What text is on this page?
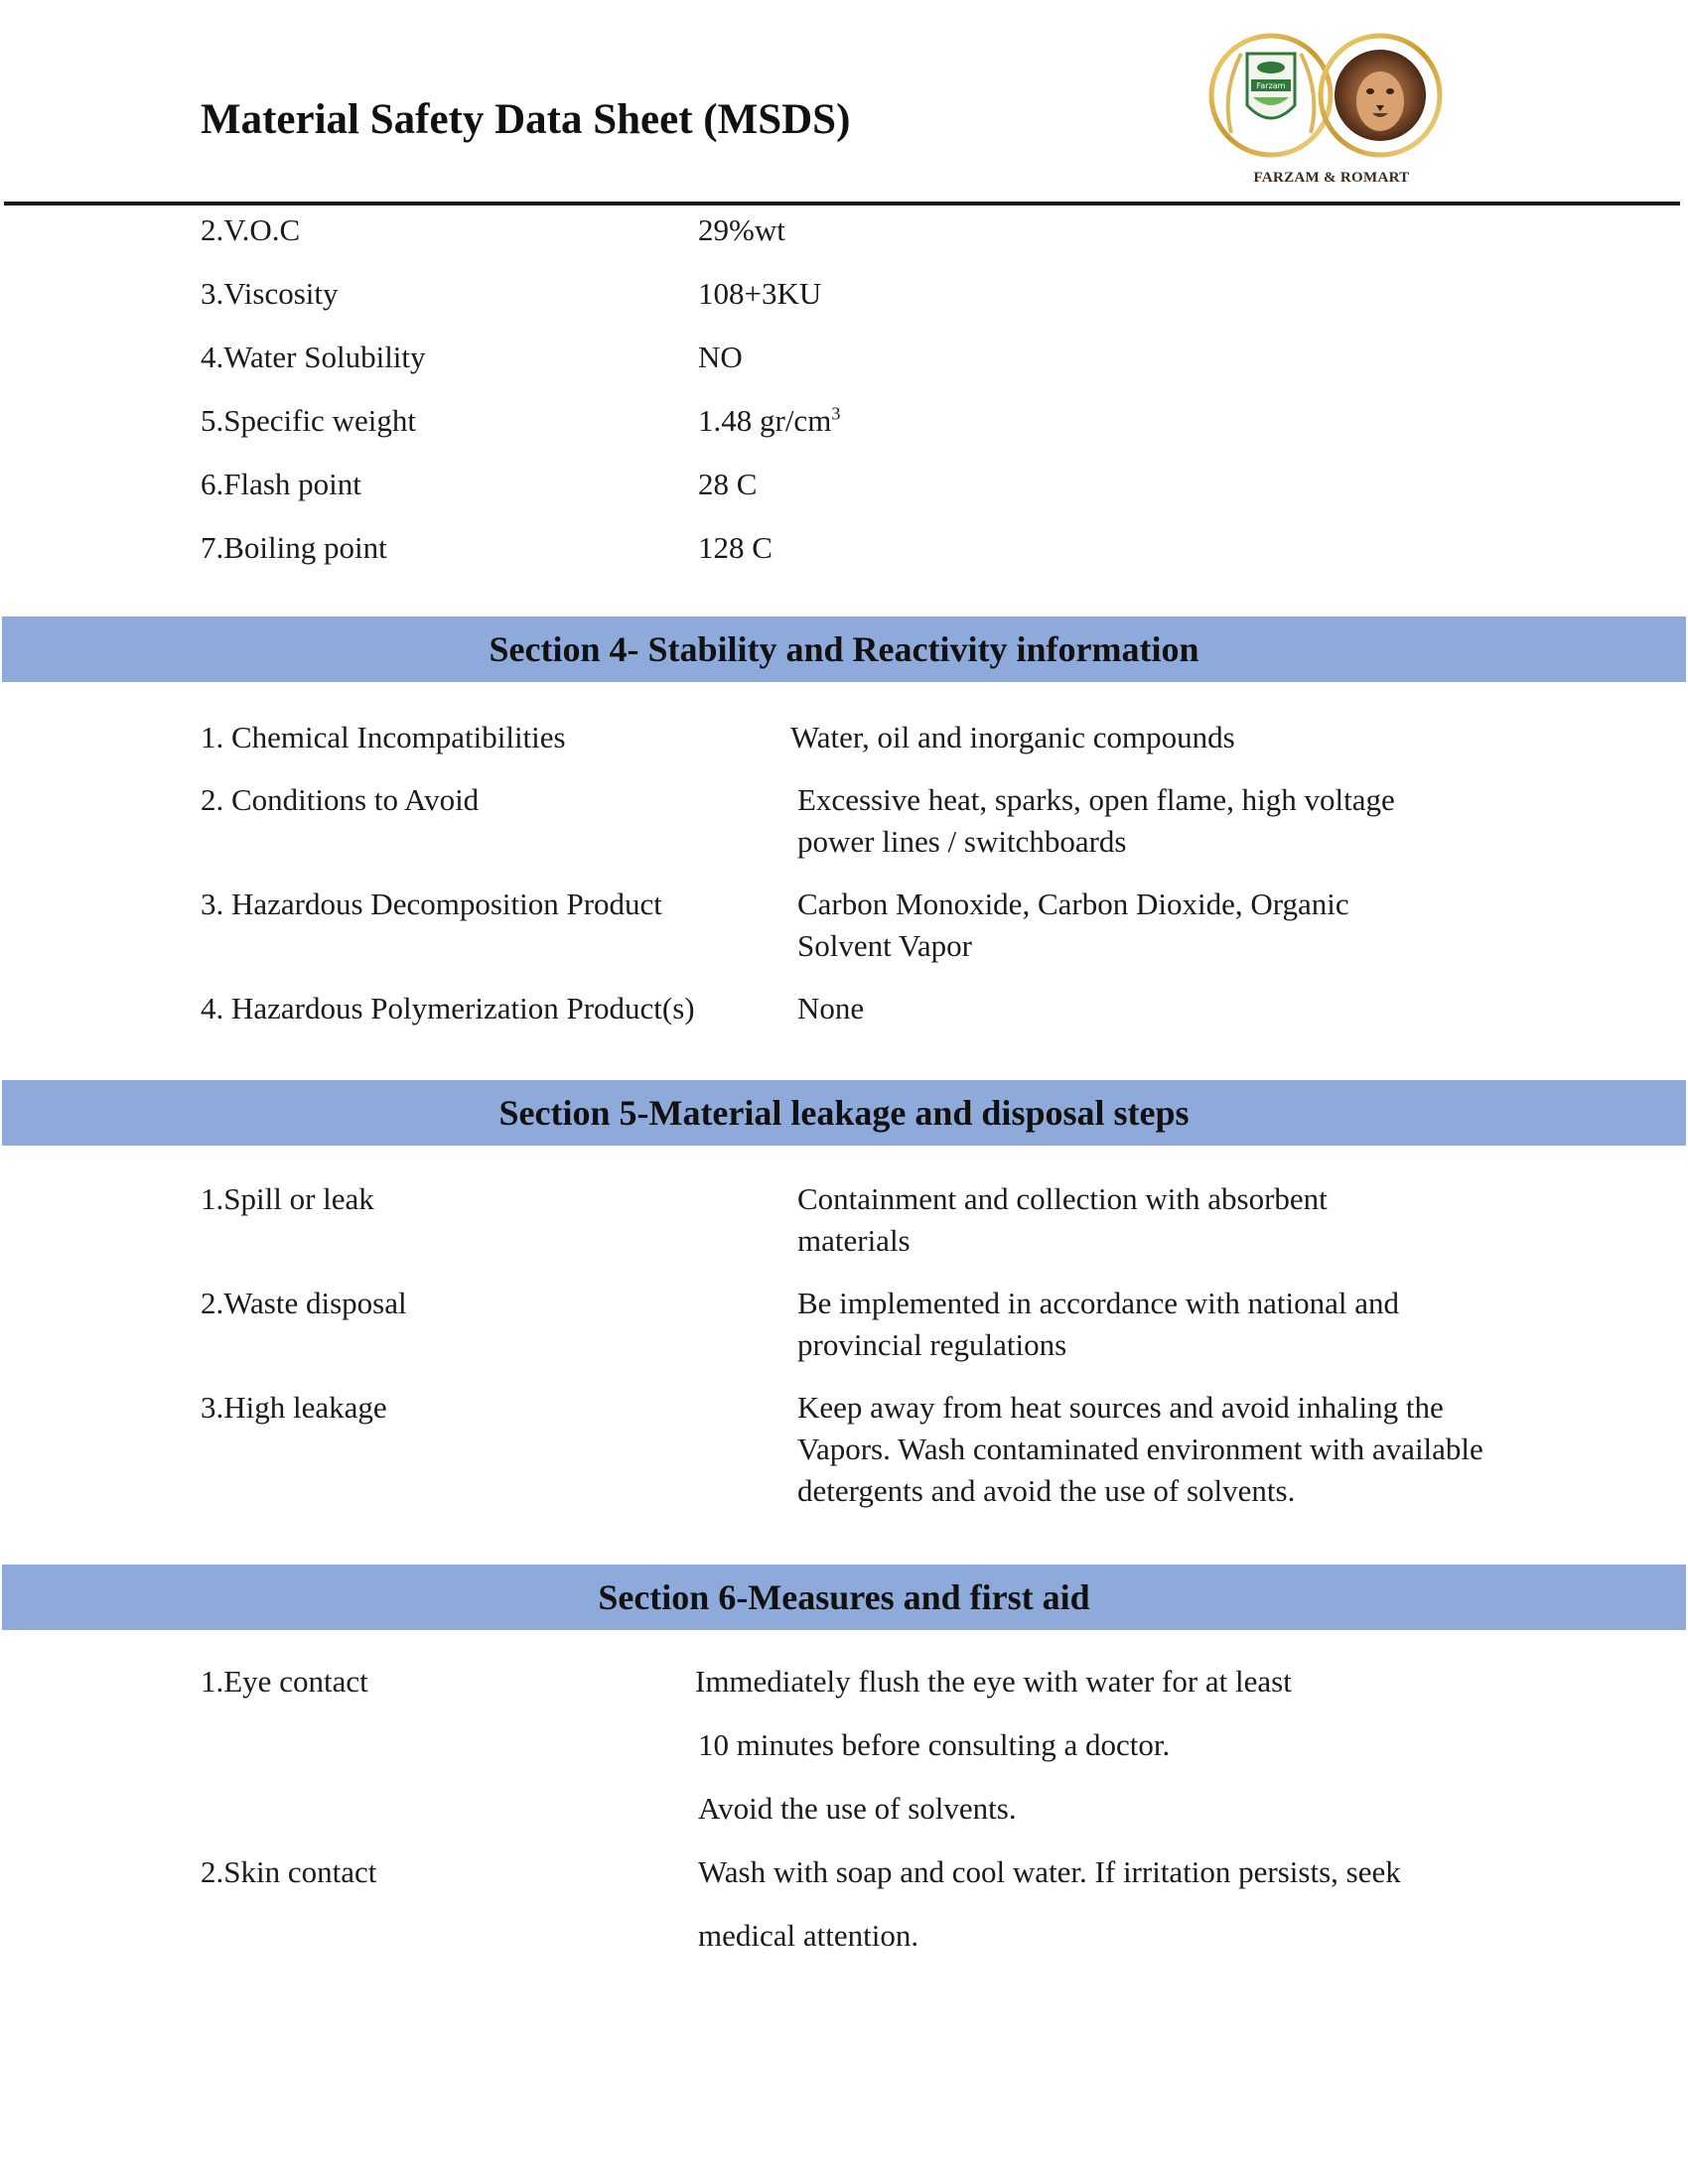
Material Safety Data Sheet (MSDS)
Farzam
FARZAM & ROMART
2.V.O.C	29%wt
3.Viscosity	108+3KU
4.Water Solubility	NO
5.Specific weight	1.48 $gr/cm^3$
6.Flash point	28 C
7.Boiling point	128 C
Section 4- Stability and Reactivity information
1. Chemical Incompatibilities	Water, oil and inorganic compounds
2. Conditions to Avoid	Excessive heat, sparks, open flame, high voltage power lines / switchboards
3. Hazardous Decomposition Product	Carbon Monoxide, Carbon Dioxide, Organic Solvent Vapor
4. Hazardous Polymerization Product(s)	None
Section 5-Material leakage and disposal steps
1.Spill or leak	Containment and collection with absorbent materials
2.Waste disposal	Be implemented in accordance with national and provincial regulations
3.High leakage	Keep away from heat sources and avoid inhaling the Vapors. Wash contaminated environment with available detergents and avoid the use of solvents.
Section 6-Measures and first aid
1.Eye contact	Immediately flush the eye with water for at least
10 minutes before consulting a doctor.
Avoid the use of solvents.
2.Skin contact	Wash with soap and cool water. If irritation persists, seek
medical attention.
